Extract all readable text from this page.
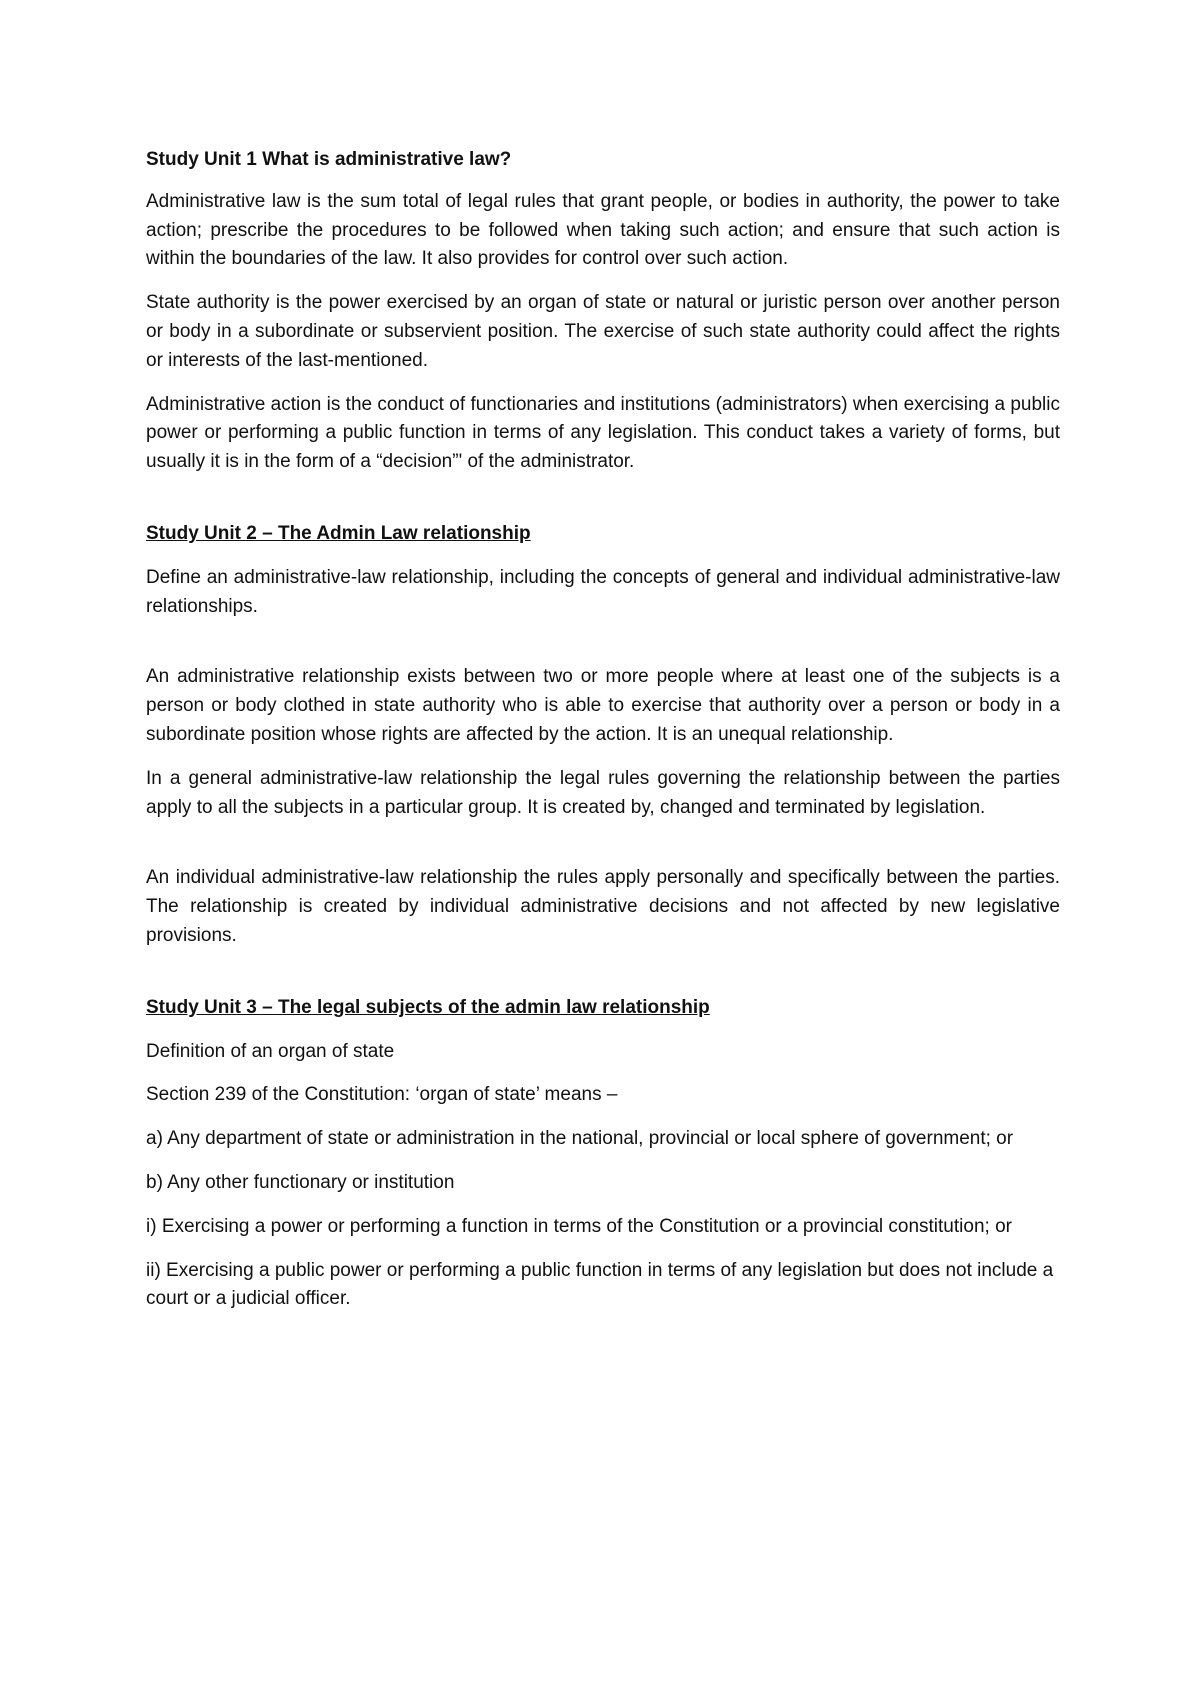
Study Unit 1 What is administrative law?

Administrative law is the sum total of legal rules that grant people, or bodies in authority, the power to take action; prescribe the procedures to be followed when taking such action; and ensure that such action is within the boundaries of the law. It also provides for control over such action.

State authority is the power exercised by an organ of state or natural or juristic person over another person or body in a subordinate or subservient position. The exercise of such state authority could affect the rights or interests of the last-mentioned.

Administrative action is the conduct of functionaries and institutions (administrators) when exercising a public power or performing a public function in terms of any legislation. This conduct takes a variety of forms, but usually it is in the form of a “decision”' of the administrator.

Study Unit 2 – The Admin Law relationship

Define an administrative-law relationship, including the concepts of general and individual administrative-law relationships.

An administrative relationship exists between two or more people where at least one of the subjects is a person or body clothed in state authority who is able to exercise that authority over a person or body in a subordinate position whose rights are affected by the action. It is an unequal relationship.

In a general administrative-law relationship the legal rules governing the relationship between the parties apply to all the subjects in a particular group. It is created by, changed and terminated by legislation.

An individual administrative-law relationship the rules apply personally and specifically between the parties. The relationship is created by individual administrative decisions and not affected by new legislative provisions.

Study Unit 3 – The legal subjects of the admin law relationship

Definition of an organ of state

Section 239 of the Constitution: ‘organ of state’ means –

a) Any department of state or administration in the national, provincial or local sphere of government; or

b) Any other functionary or institution

i) Exercising a power or performing a function in terms of the Constitution or a provincial constitution; or

ii) Exercising a public power or performing a public function in terms of any legislation but does not include a court or a judicial officer.
